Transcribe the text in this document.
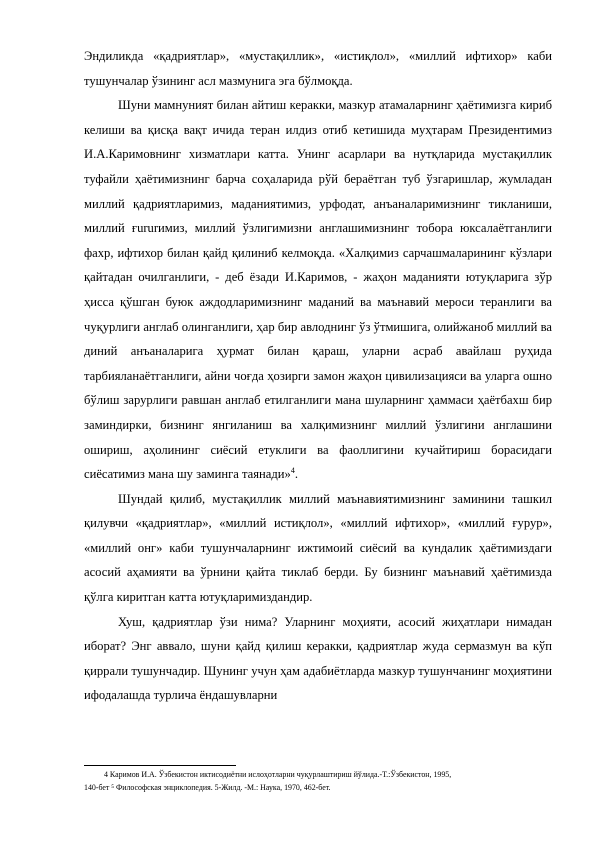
Эндиликда «қадриятлар», «мустақиллик», «истиқлол», «миллий ифтихор» каби тушунчалар ўзининг асл мазмунига эга бўлмоқда.

Шуни мамнуният билан айтиш керакки, мазкур атамаларнинг ҳаётимизга кириб келиши ва қисқа вақт ичида теран илдиз отиб кетишида муҳтарам Президентимиз И.А.Каримовнинг хизматлари катта. Унинг асарлари ва нутқларида мустақиллик туфайли ҳаётимизнинг барча соҳаларида рўй бераётган туб ўзгаришлар, жумладан миллий қадриятларимиз, маданиятимиз, урфодат, анъаналаримизнинг тикланиши, миллий ғururимиз, миллий ўзлигимизни англашимизнинг тобора юксалаётганлиги фахр, ифтихор билан қайд қилиниб келмоқда. «Халқимиз сарчашмаларининг кўзлари қайтадан очилганлиги, - деб ёзади И.Каримов, - жаҳон маданияти ютуқларига зўр ҳисса қўшган буюк аждодларимизнинг маданий ва маънавий мероси теранлиги ва чуқурлиги англаб олинганлиги, ҳар бир авлоднинг ўз ўтмишига, олийжаноб миллий ва диний анъаналарига ҳурмат билан қараш, уларни асраб авайлаш руҳида тарбияланаётганлиги, айни чоғда ҳозирги замон жаҳон цивилизацияси ва уларга ошно бўлиш зарурлиги равшан англаб етилганлиги мана шуларнинг ҳаммаси ҳаётбахш бир заминдирки, бизнинг янгиланиш ва халқимизнинг миллий ўзлигини англашини ошириш, аҳолининг сиёсий етуклиги ва фаоллигини кучайтириш борасидаги сиёсатимиз мана шу заминга таянади»$^4$.

Шундай қилиб, мустақиллик миллий маънавиятимизнинг заминини ташкил қилувчи «қадриятлар», «миллий истиқлол», «миллий ифтихор», «миллий ғурур», «миллий онг» каби тушунчаларнинг ижтимоий сиёсий ва кундалик ҳаётимиздаги асосий аҳамияти ва ўрнини қайта тиклаб берди. Бу бизнинг маънавий ҳаётимизда қўлга киритган катта ютуқларимиздандир.

Хуш, қадриятлар ўзи нима? Уларнинг моҳияти, асосий жиҳатлари нимадан иборат? Энг аввало, шуни қайд қилиш керакки, қадриятлар жуда сермазмун ва кўп қиррали тушунчадир. Шунинг учун ҳам адабиётларда мазкур тушунчанинг моҳиятини ифодалашда турлича ёндашувларни

4 Каримов И.А. Ўзбекистон иктисодиётни ислоҳотларни чуқурлаштириш йўлида.-Т.:Ўзбекистон, 1995,
140-бет ⁵ Философская энциклопедия. 5-Жилд. -М.: Наука, 1970, 462-бет.
